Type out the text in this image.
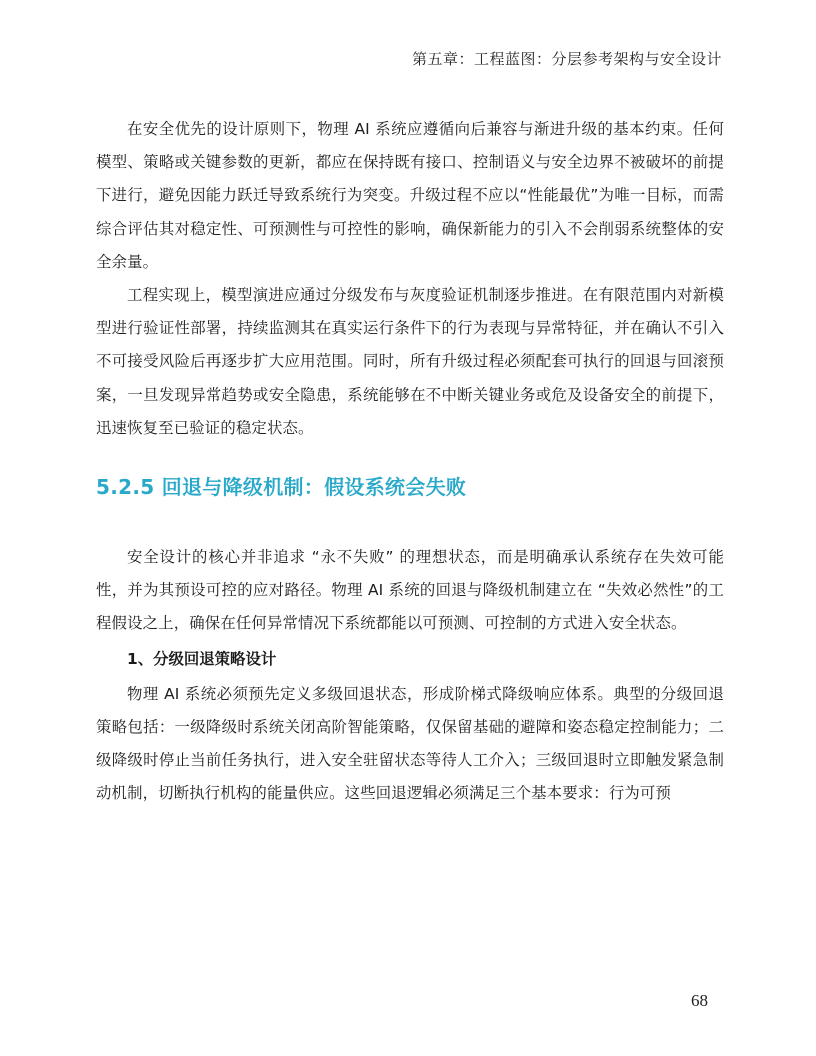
第五章：工程蓝图：分层参考架构与安全设计

在安全优先的设计原则下，物理 AI 系统应遵循向后兼容与渐进升级的基本约束。任何模型、策略或关键参数的更新，都应在保持既有接口、控制语义与安全边界不被破坏的前提下进行，避免因能力跃迁导致系统行为突变。升级过程不应以“性能最优”为唯一目标，而需综合评估其对稳定性、可预测性与可控性的影响，确保新能力的引入不会削弱系统整体的安全余量。

工程实现上，模型演进应通过分级发布与灰度验证机制逐步推进。在有限范围内对新模型进行验证性部署，持续监测其在真实运行条件下的行为表现与异常特征，并在确认不引入不可接受风险后再逐步扩大应用范围。同时，所有升级过程必须配套可执行的回退与回滚预案，一旦发现异常趋势或安全隐患，系统能够在不中断关键业务或危及设备安全的前提下，迅速恢复至已验证的稳定状态。

5.2.5 回退与降级机制：假设系统会失败

安全设计的核心并非追求 “永不失败” 的理想状态，而是明确承认系统存在失效可能性，并为其预设可控的应对路径。物理 AI 系统的回退与降级机制建立在 “失效必然性”的工程假设之上，确保在任何异常情况下系统都能以可预测、可控制的方式进入安全状态。

1、分级回退策略设计

物理 AI 系统必须预先定义多级回退状态，形成阶梯式降级响应体系。典型的分级回退策略包括：一级降级时系统关闭高阶智能策略，仅保留基础的避障和姿态稳定控制能力；二级降级时停止当前任务执行，进入安全驻留状态等待人工介入；三级回退时立即触发紧急制动机制，切断执行机构的能量供应。这些回退逻辑必须满足三个基本要求：行为可预

68
